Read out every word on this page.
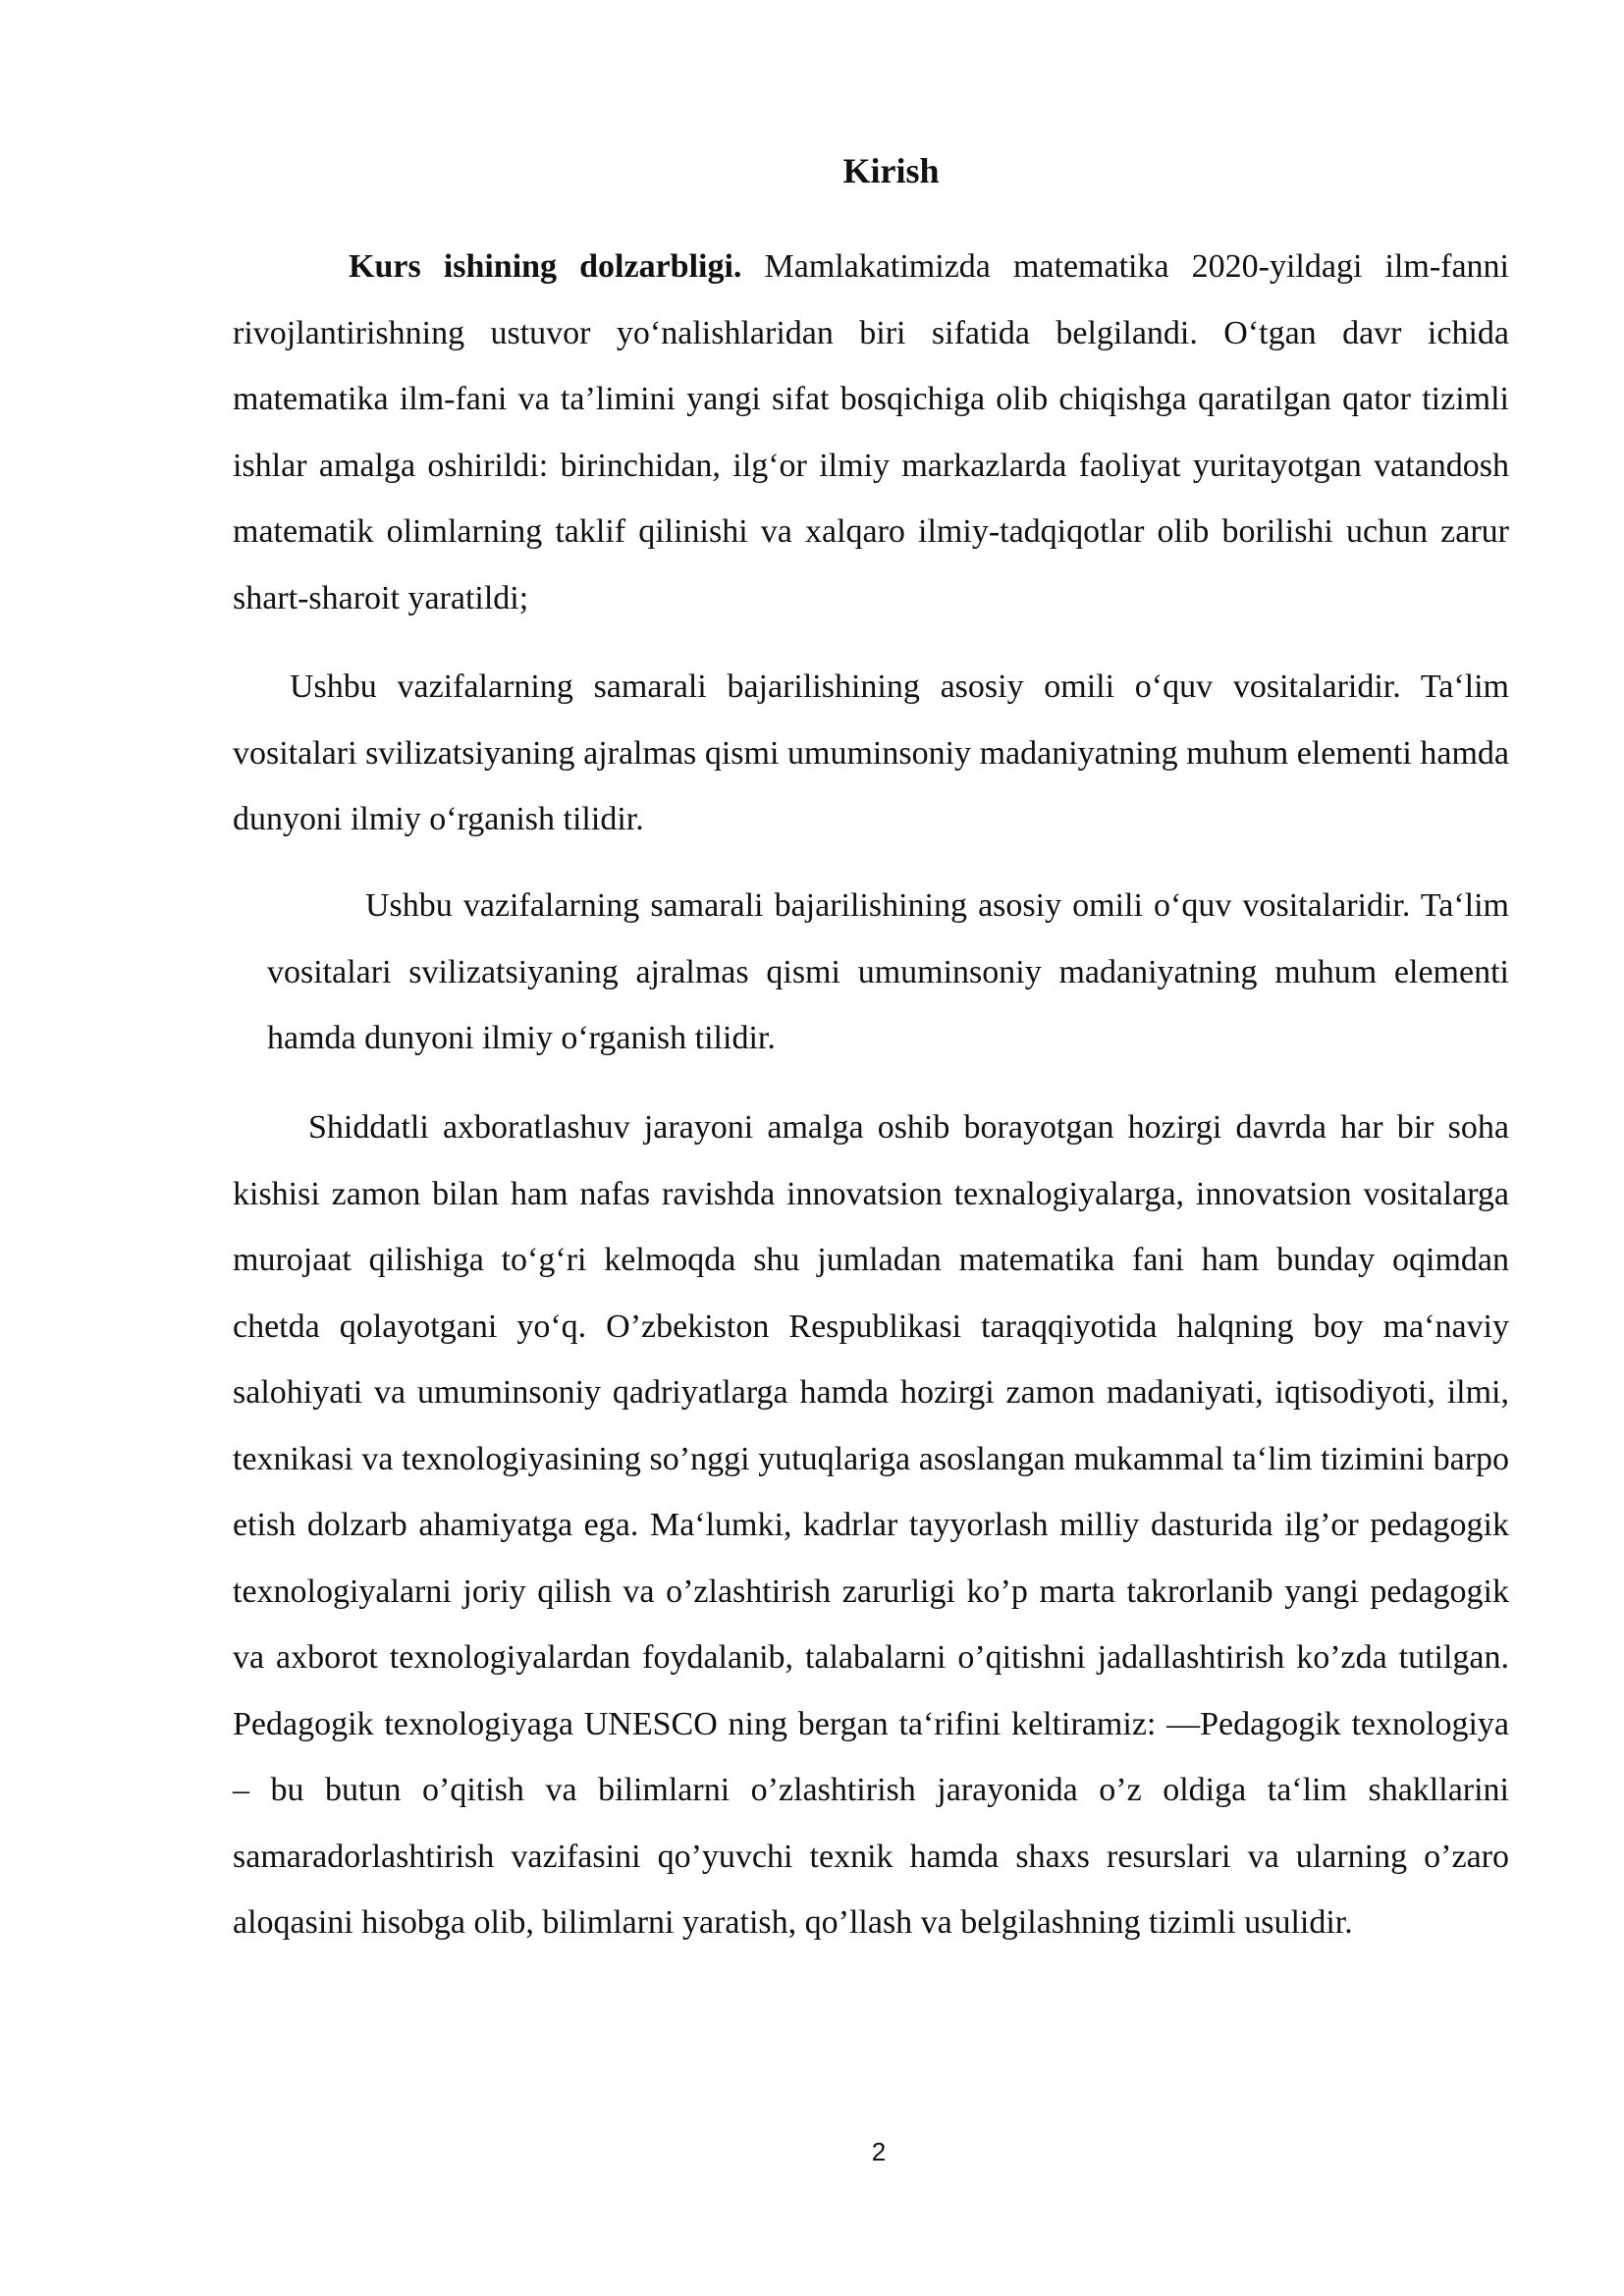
Kirish

Kurs ishining dolzarbligi. Mamlakatimizda matematika 2020-yildagi ilm-fanni rivojlantirishning ustuvor yo‘nalishlaridan biri sifatida belgilandi. O‘tgan davr ichida matematika ilm-fani va ta’limini yangi sifat bosqichiga olib chiqishga qaratilgan qator tizimli ishlar amalga oshirildi: birinchidan, ilg‘or ilmiy markazlarda faoliyat yuritayotgan vatandosh matematik olimlarning taklif qilinishi va xalqaro ilmiy-tadqiqotlar olib borilishi uchun zarur shart-sharoit yaratildi;

Ushbu vazifalarning samarali bajarilishining asosiy omili o‘quv vositalaridir. Ta‘lim vositalari svilizatsiyaning ajralmas qismi umuminsoniy madaniyatning muhum elementi hamda dunyoni ilmiy o‘rganish tilidir.

Ushbu vazifalarning samarali bajarilishining asosiy omili o‘quv vositalaridir. Ta‘lim vositalari svilizatsiyaning ajralmas qismi umuminsoniy madaniyatning muhum elementi hamda dunyoni ilmiy o‘rganish tilidir.

Shiddatli axboratlashuv jarayoni amalga oshib borayotgan hozirgi davrda har bir soha kishisi zamon bilan ham nafas ravishda innovatsion texnalogiyalarga, innovatsion vositalarga murojaat qilishiga to‘g‘ri kelmoqda shu jumladan matematika fani ham bunday oqimdan chetda qolayotgani yo‘q. O’zbekiston Respublikasi taraqqiyotida halqning boy ma‘naviy salohiyati va umuminsoniy qadriyatlarga hamda hozirgi zamon madaniyati, iqtisodiyoti, ilmi, texnikasi va texnologiyasining so’nggi yutuqlariga asoslangan mukammal ta‘lim tizimini barpo etish dolzarb ahamiyatga ega. Ma‘lumki, kadrlar tayyorlash milliy dasturida ilg’or pedagogik texnologiyalarni joriy qilish va o’zlashtirish zarurligi ko’p marta takrorlanib yangi pedagogik va axborot texnologiyalardan foydalanib, talabalarni o’qitishni jadallashtirish ko’zda tutilgan. Pedagogik texnologiyaga UNESCO ning bergan ta‘rifini keltiramiz: ―Pedagogik texnologiya – bu butun o’qitish va bilimlarni o’zlashtirish jarayonida o’z oldiga ta‘lim shakllarini samaradorlashtirish vazifasini qo’yuvchi texnik hamda shaxs resurslari va ularning o’zaro aloqasini hisobga olib, bilimlarni yaratish, qo’llash va belgilashning tizimli usulidir.

2
